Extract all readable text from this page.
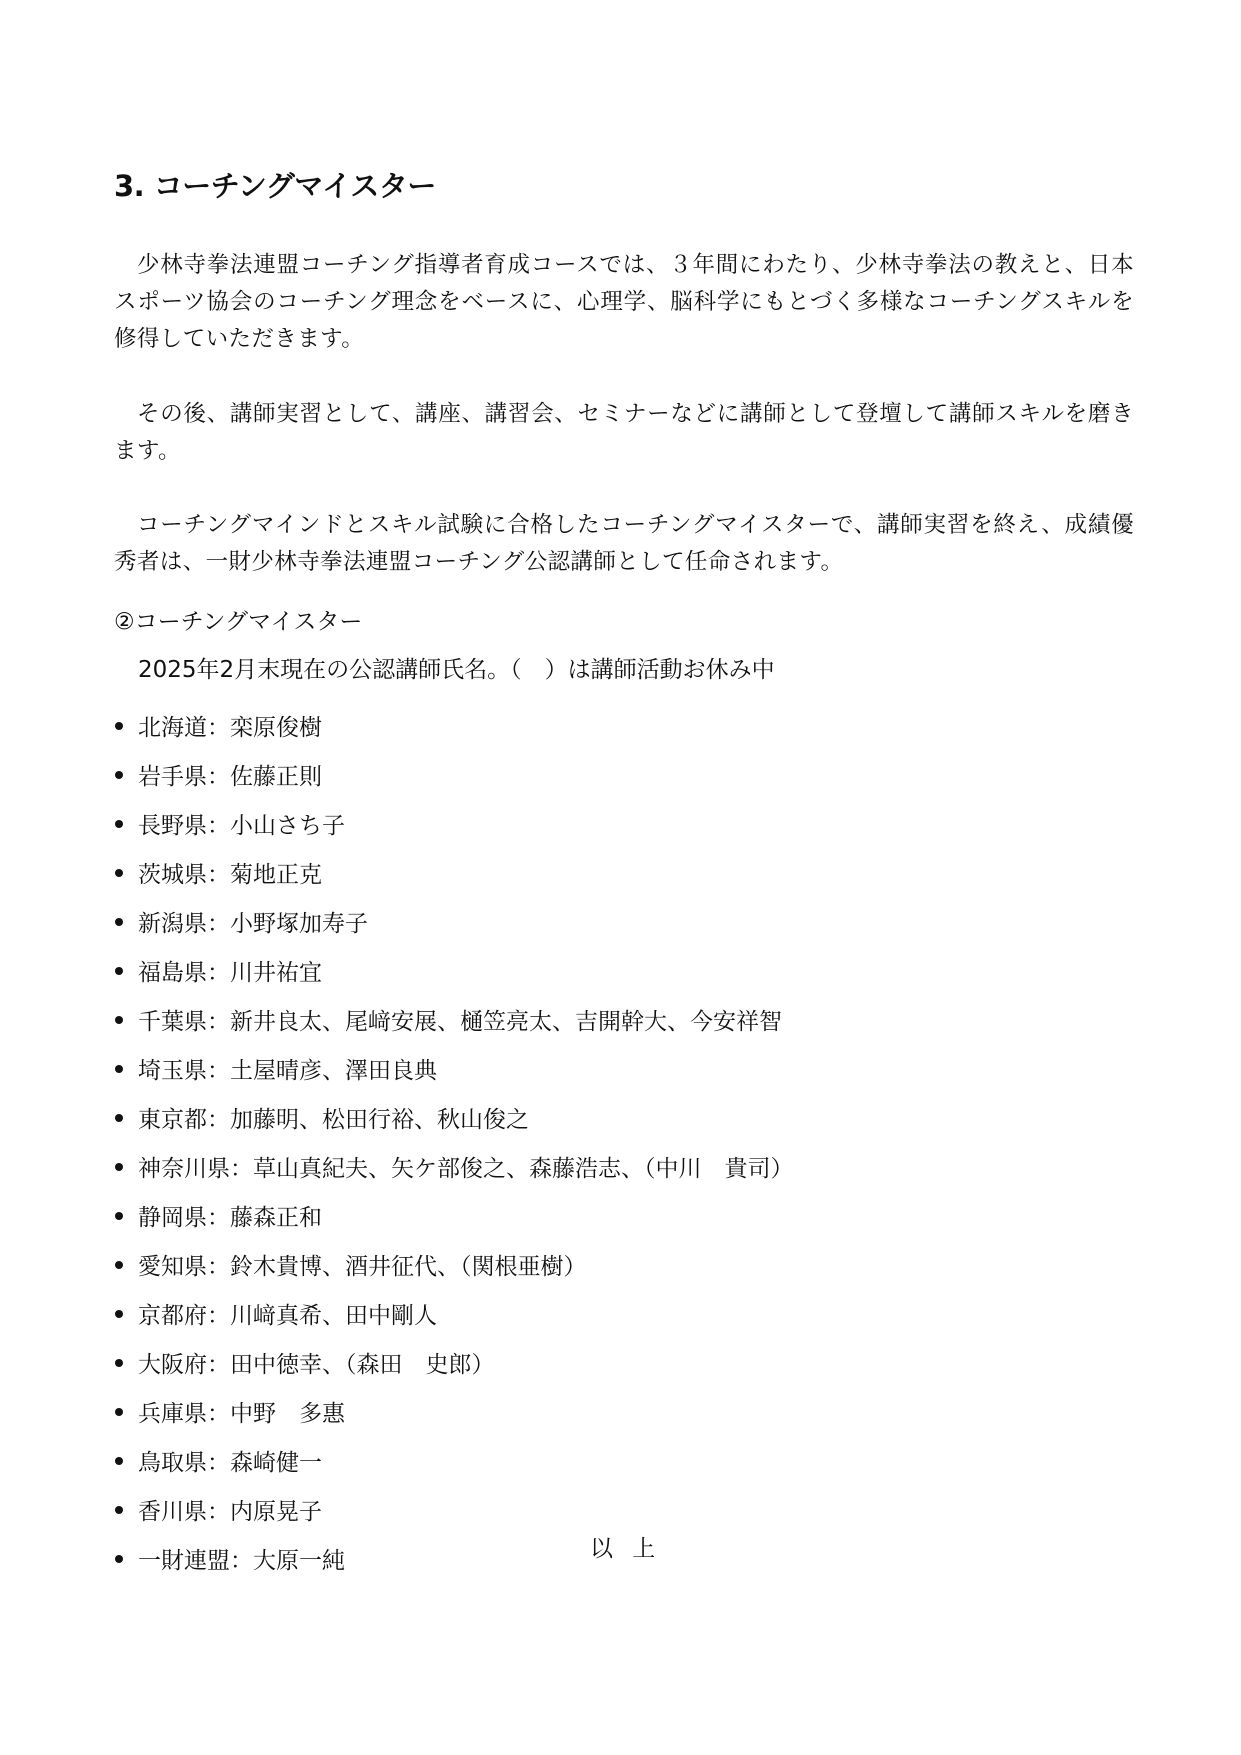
3. コーチングマイスター

少林寺拳法連盟コーチング指導者育成コースでは、３年間にわたり、少林寺拳法の教えと、日本スポーツ協会のコーチング理念をベースに、心理学、脳科学にもとづく多様なコーチングスキルを修得していただきます。

その後、講師実習として、講座、講習会、セミナーなどに講師として登壇して講師スキルを磨きます。

コーチングマインドとスキル試験に合格したコーチングマイスターで、講師実習を終え、成績優秀者は、一財少林寺拳法連盟コーチング公認講師として任命されます。

②コーチングマイスター
2025年2月末現在の公認講師氏名。（　）は講師活動お休み中
北海道：栾原俊樹
岩手県：佐藤正則
長野県：小山さち子
茨城県：菊地正克
新潟県：小野塚加寿子
福島県：川井祐宜
千葉県：新井良太、尾﨑安展、樋笠亮太、吉開幹大、今安祥智
埼玉県：土屋晴彦、澤田良典
東京都：加藤明、松田行裕、秋山俊之
神奈川県：草山真紀夫、矢ケ部俊之、森藤浩志、（中川　貴司）
静岡県：藤森正和
愛知県：鈴木貴博、酒井征代、（関根亜樹）
京都府：川﨑真希、田中剛人
大阪府：田中徳幸、（森田　史郎）
兵庫県：中野　多惠
鳥取県：森崎健一
香川県：内原晃子
一財連盟：大原一純	以 上
